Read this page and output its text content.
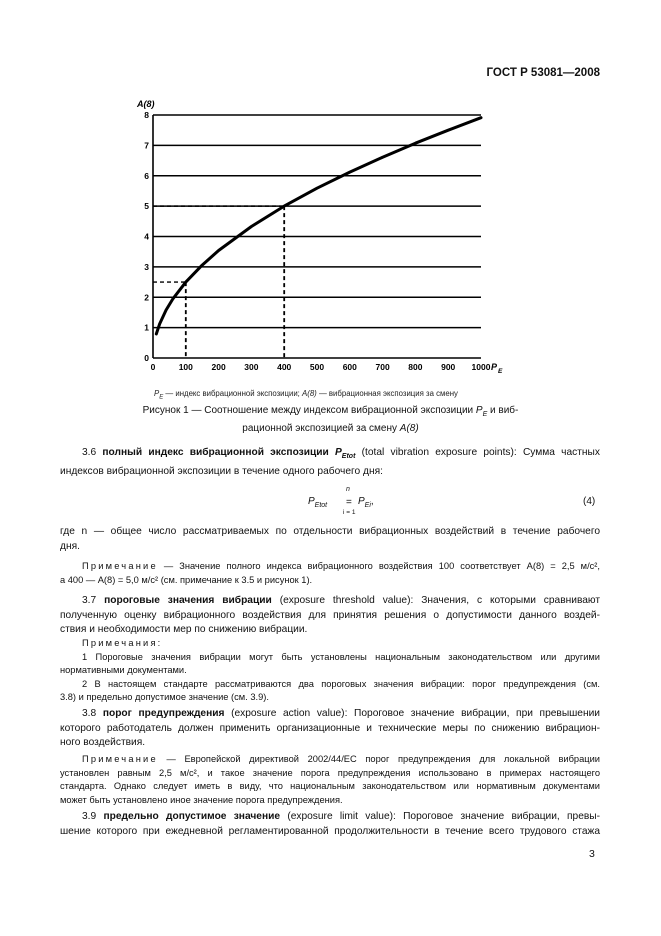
ГОСТ Р 53081—2008
0
1
2
3
4
5
6
7
8
0	100 200 300 400 500 600 700 800 900 1000
A(8)
P E
$P_E$ — индекс вибрационной экспозиции; A(8) — вибрационная экспозиция за смену
Рисунок 1 — Соотношение между индексом вибрационной экспозиции $P_E$ и виб-
рационной экспозицией за смену A(8)
3.6 полный индекс вибрационной экспозиции $P_{Etot}$ (total vibration exposure points): Сумма частных
индексов вибрационной экспозиции в течение одного рабочего дня:
$P_{Etot}$ =
n
i = 1
$P_{Ei}$,	(4)
где n — общее число рассматриваемых по отдельности вибрационных воздействий в течение рабочего
дня.
Примечание — Значение полного индекса вибрационного воздействия 100 соответствует A(8) = 2,5 м/с²,
а 400 — A(8) = 5,0 м/с² (см. примечание к 3.5 и рисунок 1).
3.7 пороговые значения вибрации (exposure threshold value): Значения, с которыми сравнивают
полученную оценку вибрационного воздействия для принятия решения о допустимости данного воздей-
ствия и необходимости мер по снижению вибрации.
Примечания:
1 Пороговые значения вибрации могут быть установлены национальным законодательством или другими
нормативными документами.
2 В настоящем стандарте рассматриваются два пороговых значения вибрации: порог предупреждения (см.
3.8) и предельно допустимое значение (см. 3.9).
3.8 порог предупреждения (exposure action value): Пороговое значение вибрации, при превышении
которого работодатель должен применить организационные и технические меры по снижению вибрацион-
ного воздействия.
Примечание — Европейской директивой 2002/44/ЕС порог предупреждения для локальной вибрации
установлен равным 2,5 м/с², и такое значение порога предупреждения использовано в примерах настоящего
стандарта. Однако следует иметь в виду, что национальным законодательством или нормативным документами
может быть установлено иное значение порога предупреждения.
3.9 предельно допустимое значение (exposure limit value): Пороговое значение вибрации, превы-
шение которого при ежедневной регламентированной продолжительности в течение всего трудового стажа
3
